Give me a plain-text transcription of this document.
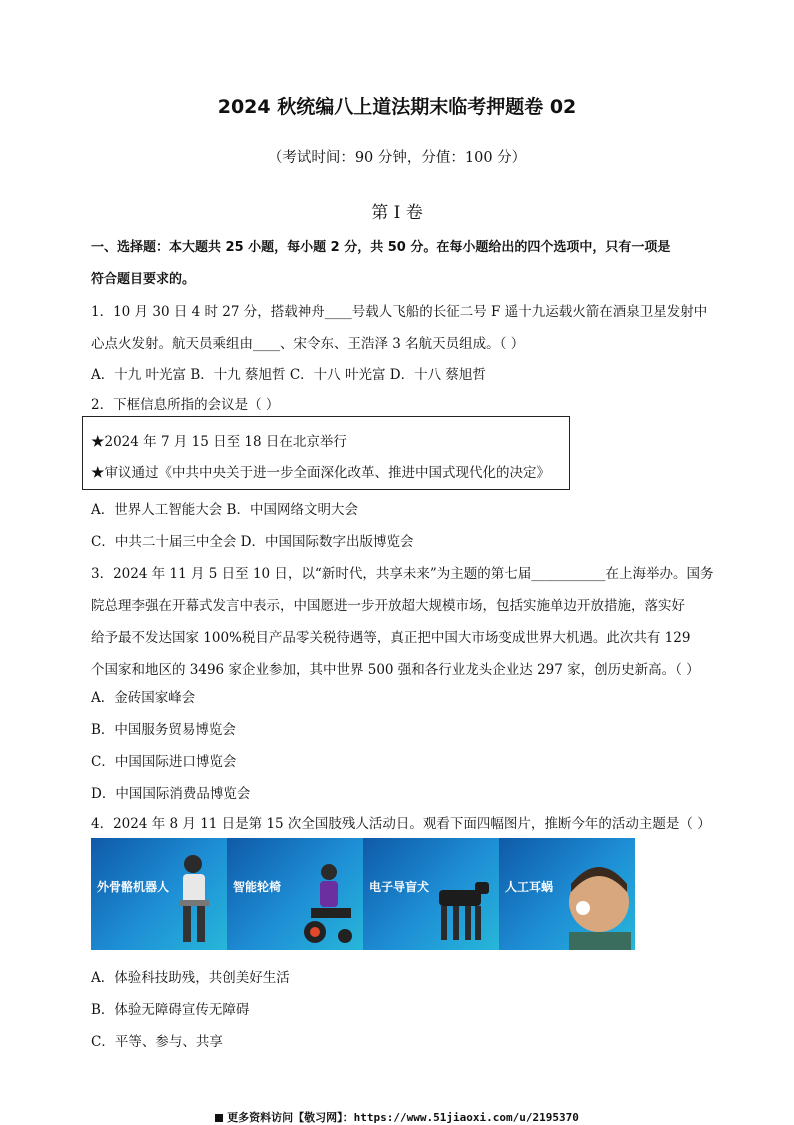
2024 秋统编八上道法期末临考押题卷 02
（考试时间：90 分钟，分值：100 分）
第 I 卷
一、选择题：本大题共 25 小题，每小题 2 分，共 50 分。在每小题给出的四个选项中，只有一项是
符合题目要求的。
1．10 月 30 日 4 时 27 分，搭载神舟____号载人飞船的长征二号 F 遥十九运载火箭在酒泉卫星发射中
心点火发射。航天员乘组由____、宋令东、王浩泽 3 名航天员组成。（ ）
A．十九 叶光富 B．十九 蔡旭哲 C．十八 叶光富 D．十八 蔡旭哲
2．下框信息所指的会议是（ ）
★2024 年 7 月 15 日至 18 日在北京举行
★审议通过《中共中央关于进一步全面深化改革、推进中国式现代化的决定》
A．世界人工智能大会 B．中国网络文明大会
C．中共二十届三中全会 D．中国国际数字出版博览会
3．2024 年 11 月 5 日至 10 日，以“新时代，共享未来”为主题的第七届___________在上海举办。国务
院总理李强在开幕式发言中表示，中国愿进一步开放超大规模市场，包括实施单边开放措施，落实好
给予最不发达国家 100%税目产品零关税待遇等，真正把中国大市场变成世界大机遇。此次共有 129
个国家和地区的 3496 家企业参加，其中世界 500 强和各行业龙头企业达 297 家，创历史新高。（ ）
A．金砖国家峰会
B．中国服务贸易博览会
C．中国国际进口博览会
D．中国国际消费品博览会
4．2024 年 8 月 11 日是第 15 次全国肢残人活动日。观看下面四幅图片，推断今年的活动主题是（ ）
外骨骼机器人	智能轮椅	电子导盲犬	人工耳蜗
A．体验科技助残，共创美好生活
B．体验无障碍宣传无障碍
C．平等、参与、共享
更多资料访问【敬习网】：https://www.51jiaoxi.com/u/2195370
